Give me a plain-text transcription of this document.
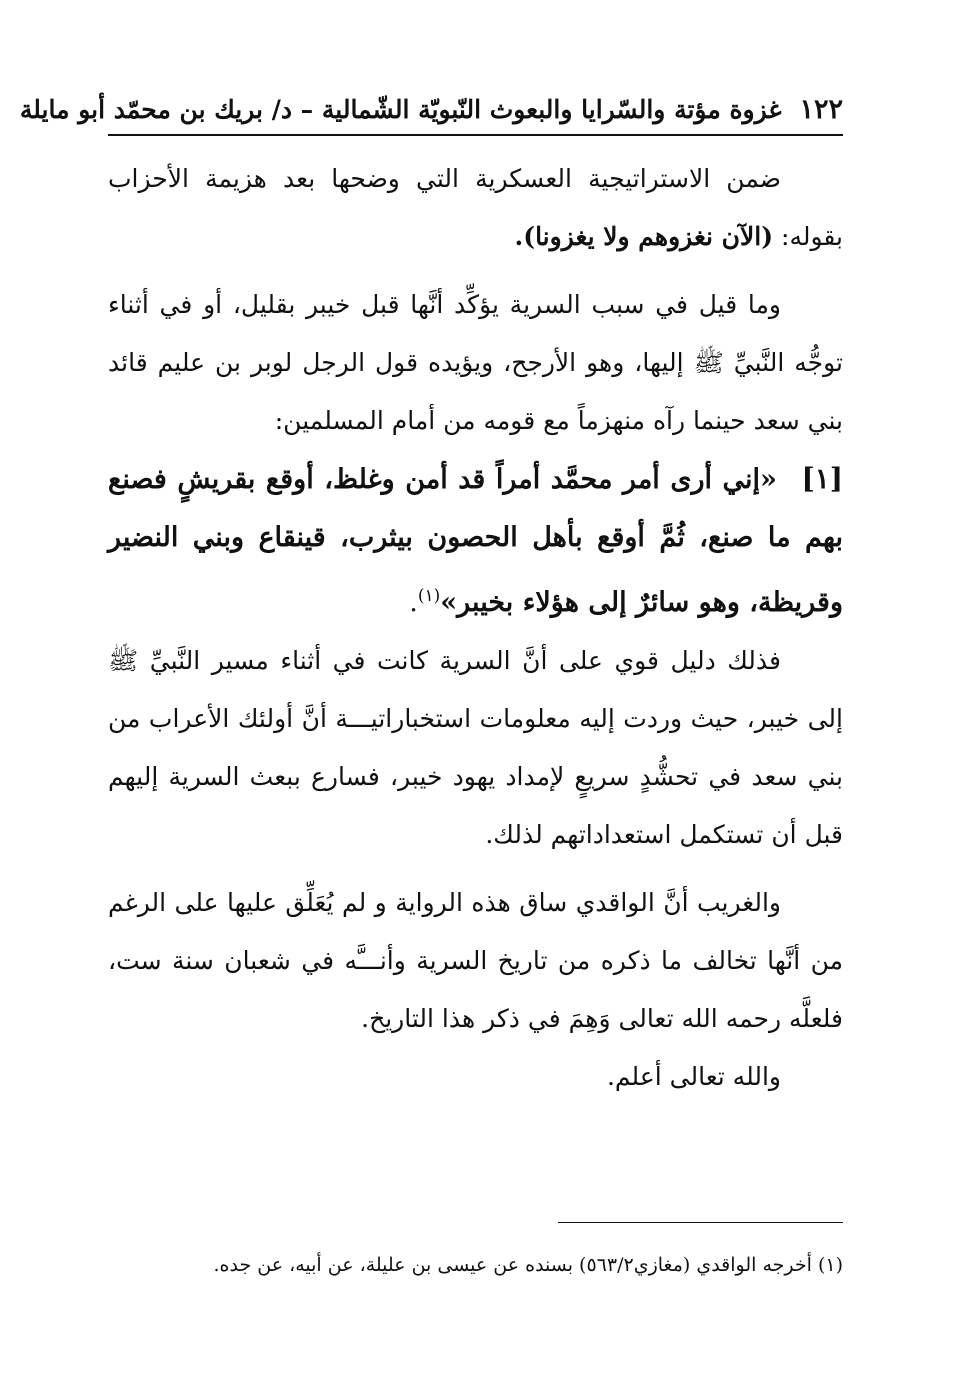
١٢٢
غزوة مؤتة والسّرايا والبعوث النّبويّة الشّمالية – د/ بريك بن محمّد أبو مايلة

ضمن الاستراتيجية العسكرية التي وضحها بعد هزيمة الأحزاب بقوله: (الآن نغزوهم ولا يغزونا).

وما قيل في سبب السرية يؤكِّد أنَّها قبل خيبر بقليل، أو في أثناء توجُّه النَّبيِّ ﷺ إليها، وهو الأرجح، ويؤيده قول الرجل لوبر بن عليم قائد بني سعد حينما رآه منهزماً مع قومه من أمام المسلمين:

[١] «إني أرى أمر محمَّد أمراً قد أمن وغلظ، أوقع بقريشٍ فصنع بهم ما صنع، ثُمَّ أوقع بأهل الحصون بيثرب، قينقاع وبني النضير وقريظة، وهو سائرٌ إلى هؤلاء بخيبر»$^{(١)}$.

فذلك دليل قوي على أنَّ السرية كانت في أثناء مسير النَّبيِّ ﷺ إلى خيبر، حيث وردت إليه معلومات استخباراتيـــة أنَّ أولئك الأعراب من بني سعد في تحشُّدٍ سريعٍ لإمداد يهود خيبر، فسارع ببعث السرية إليهم قبل أن تستكمل استعداداتهم لذلك.

والغريب أنَّ الواقدي ساق هذه الرواية و لم يُعَلِّق عليها على الرغم من أنَّها تخالف ما ذكره من تاريخ السرية وأنـــَّه في شعبان سنة ست، فلعلَّه رحمه الله تعالى وَهِمَ في ذكر هذا التاريخ.

والله تعالى أعلم.

(١) أخرجه الواقدي (مغازي٥٦٣/٢) بسنده عن عيسى بن عليلة، عن أبيه، عن جده.
